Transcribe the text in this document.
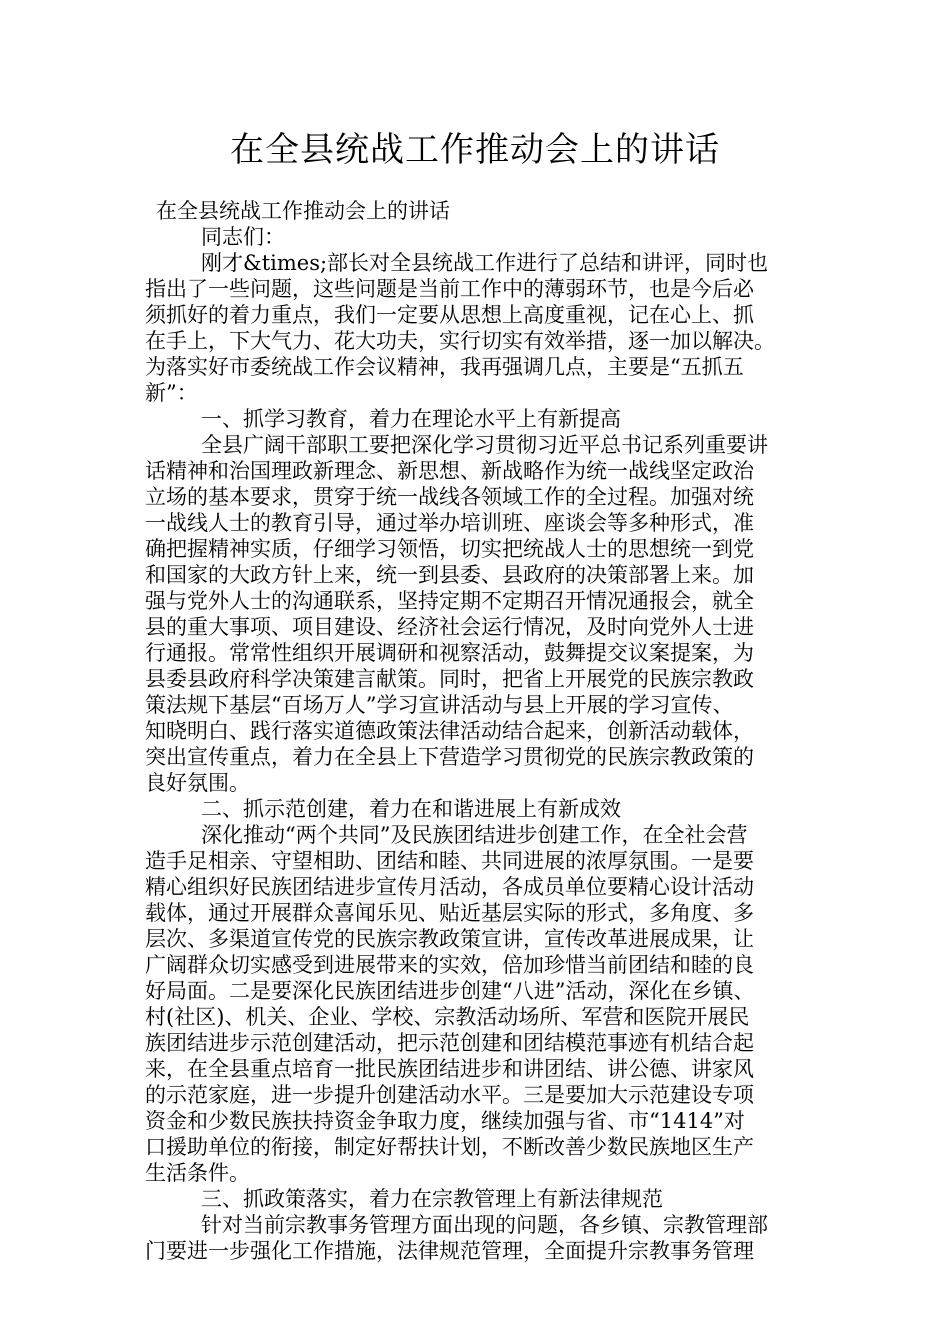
在全县统战工作推动会上的讲话
在全县统战工作推动会上的讲话
同志们：
刚才&times;部长对全县统战工作进行了总结和讲评，同时也
指出了一些问题，这些问题是当前工作中的薄弱环节，也是今后必
须抓好的着力重点，我们一定要从思想上高度重视，记在心上、抓
在手上，下大气力、花大功夫，实行切实有效举措，逐一加以解决。
为落实好市委统战工作会议精神，我再强调几点，主要是“五抓五
新”：
一、抓学习教育，着力在理论水平上有新提高
全县广阔干部职工要把深化学习贯彻习近平总书记系列重要讲
话精神和治国理政新理念、新思想、新战略作为统一战线坚定政治
立场的基本要求，贯穿于统一战线各领域工作的全过程。加强对统
一战线人士的教育引导，通过举办培训班、座谈会等多种形式，准
确把握精神实质，仔细学习领悟，切实把统战人士的思想统一到党
和国家的大政方针上来，统一到县委、县政府的决策部署上来。加
强与党外人士的沟通联系，坚持定期不定期召开情况通报会，就全
县的重大事项、项目建设、经济社会运行情况，及时向党外人士进
行通报。常常性组织开展调研和视察活动，鼓舞提交议案提案，为
县委县政府科学决策建言献策。同时，把省上开展党的民族宗教政
策法规下基层“百场万人”学习宣讲活动与县上开展的学习宣传、
知晓明白、践行落实道德政策法律活动结合起来，创新活动载体，
突出宣传重点，着力在全县上下营造学习贯彻党的民族宗教政策的
良好氛围。
二、抓示范创建，着力在和谐进展上有新成效
深化推动“两个共同”及民族团结进步创建工作，在全社会营
造手足相亲、守望相助、团结和睦、共同进展的浓厚氛围。一是要
精心组织好民族团结进步宣传月活动，各成员单位要精心设计活动
载体，通过开展群众喜闻乐见、贴近基层实际的形式，多角度、多
层次、多渠道宣传党的民族宗教政策宣讲，宣传改革进展成果，让
广阔群众切实感受到进展带来的实效，倍加珍惜当前团结和睦的良
好局面。二是要深化民族团结进步创建“八进”活动，深化在乡镇、
村(社区)、机关、企业、学校、宗教活动场所、军营和医院开展民
族团结进步示范创建活动，把示范创建和团结模范事迹有机结合起
来，在全县重点培育一批民族团结进步和讲团结、讲公德、讲家风
的示范家庭，进一步提升创建活动水平。三是要加大示范建设专项
资金和少数民族扶持资金争取力度，继续加强与省、市“1414”对
口援助单位的衔接，制定好帮扶计划，不断改善少数民族地区生产
生活条件。
三、抓政策落实，着力在宗教管理上有新法律规范
针对当前宗教事务管理方面出现的问题，各乡镇、宗教管理部
门要进一步强化工作措施，法律规范管理，全面提升宗教事务管理
